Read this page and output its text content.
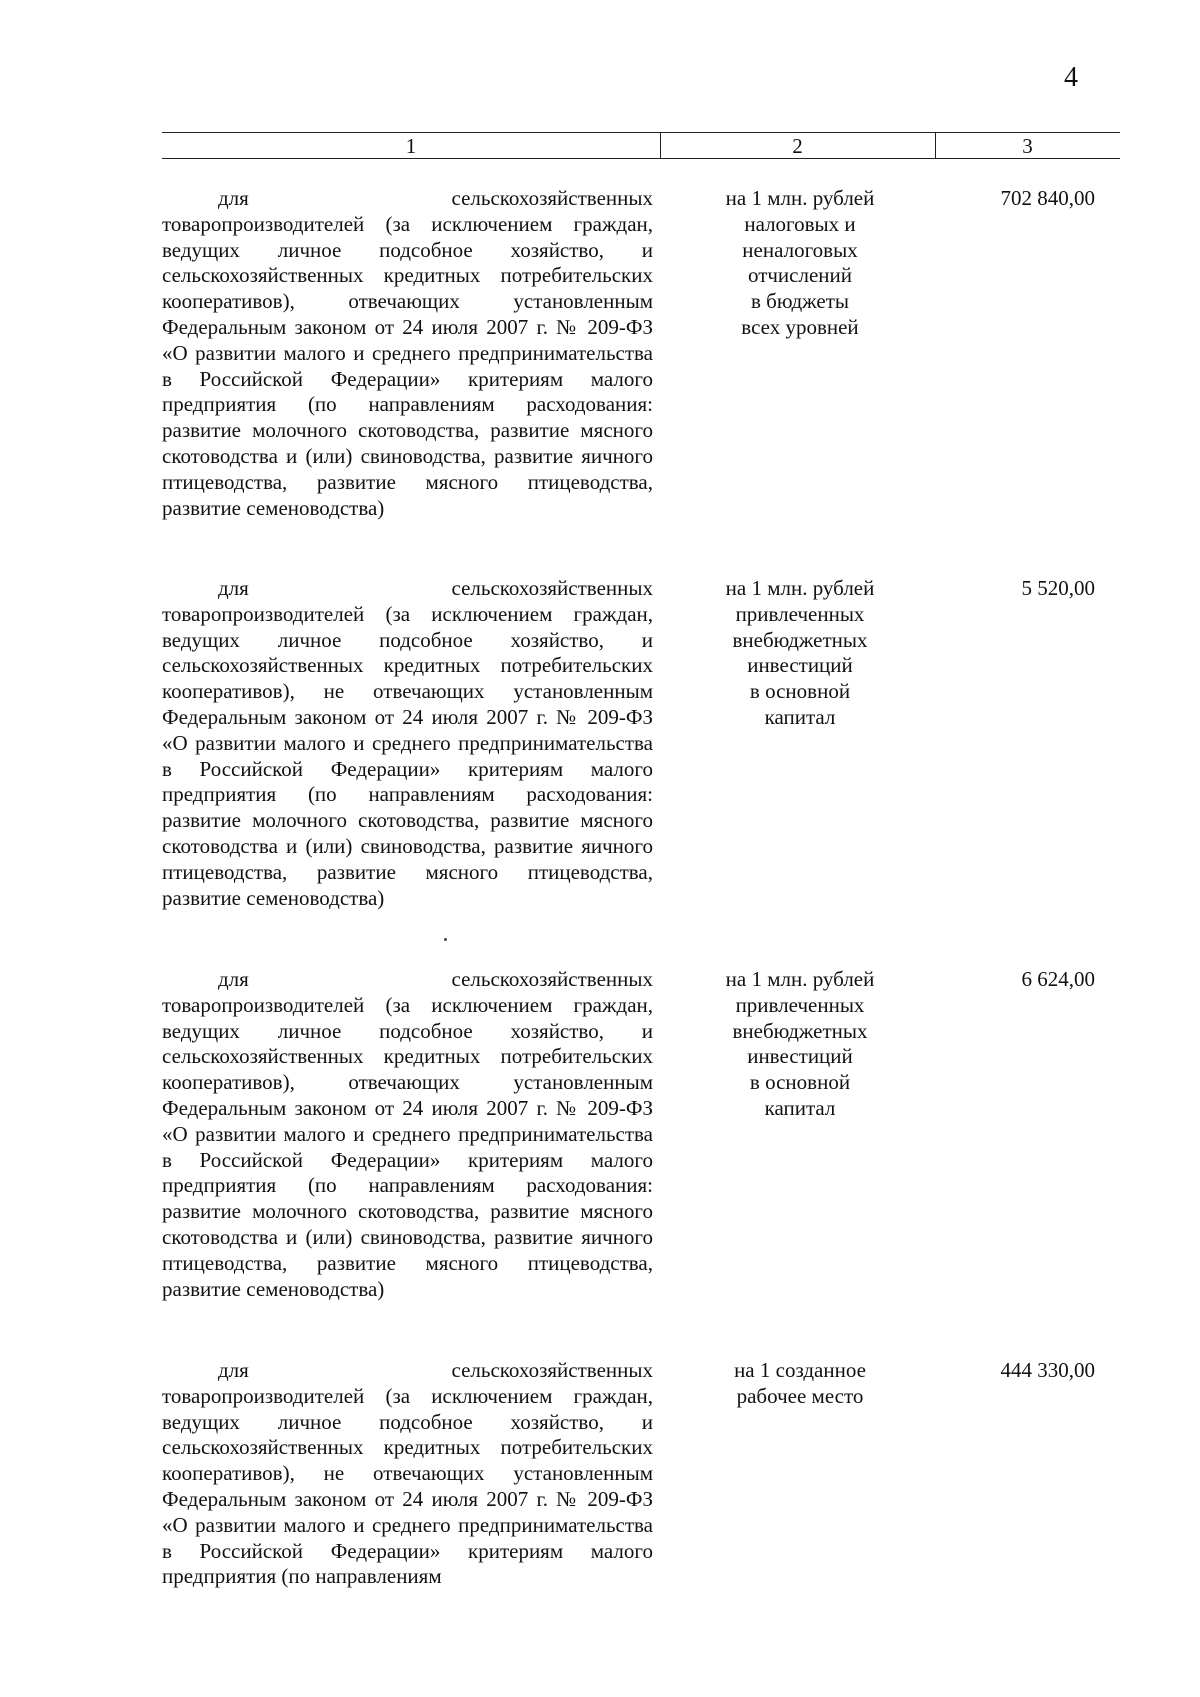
4
1	2	3

для сельскохозяйственных
товаропроизводителей (за исключением граждан, ведущих личное подсобное хозяйство, и сельскохозяйственных кредитных потребительских кооперативов), отвечающих установленным Федеральным законом от 24 июля 2007 г. № 209-ФЗ «О развитии малого и среднего предпринимательства в Российской Федерации» критериям малого предприятия (по направлениям расходования: развитие молочного скотоводства, развитие мясного скотоводства и (или) свиноводства, развитие яичного птицеводства, развитие мясного птицеводства, развитие семеноводства)

на 1 млн. рублей
налоговых и
неналоговых
отчислений
в бюджеты
всех уровней
702 840,00

для сельскохозяйственных
товаропроизводителей (за исключением граждан, ведущих личное подсобное хозяйство, и сельскохозяйственных кредитных потребительских кооперативов), не отвечающих установленным Федеральным законом от 24 июля 2007 г. № 209-ФЗ «О развитии малого и среднего предпринимательства в Российской Федерации» критериям малого предприятия (по направлениям расходования: развитие молочного скотоводства, развитие мясного скотоводства и (или) свиноводства, развитие яичного птицеводства, развитие мясного птицеводства, развитие семеноводства)

на 1 млн. рублей
привлеченных
внебюджетных
инвестиций
в основной
капитал
5 520,00

для сельскохозяйственных
товаропроизводителей (за исключением граждан, ведущих личное подсобное хозяйство, и сельскохозяйственных кредитных потребительских кооперативов), отвечающих установленным Федеральным законом от 24 июля 2007 г. № 209-ФЗ «О развитии малого и среднего предпринимательства в Российской Федерации» критериям малого предприятия (по направлениям расходования: развитие молочного скотоводства, развитие мясного скотоводства и (или) свиноводства, развитие яичного птицеводства, развитие мясного птицеводства, развитие семеноводства)

на 1 млн. рублей
привлеченных
внебюджетных
инвестиций
в основной
капитал
6 624,00

для сельскохозяйственных
товаропроизводителей (за исключением граждан, ведущих личное подсобное хозяйство, и сельскохозяйственных кредитных потребительских кооперативов), не отвечающих установленным Федеральным законом от 24 июля 2007 г. № 209-ФЗ «О развитии малого и среднего предпринимательства в Российской Федерации» критериям малого предприятия (по направлениям

на 1 созданное
рабочее место
444 330,00
